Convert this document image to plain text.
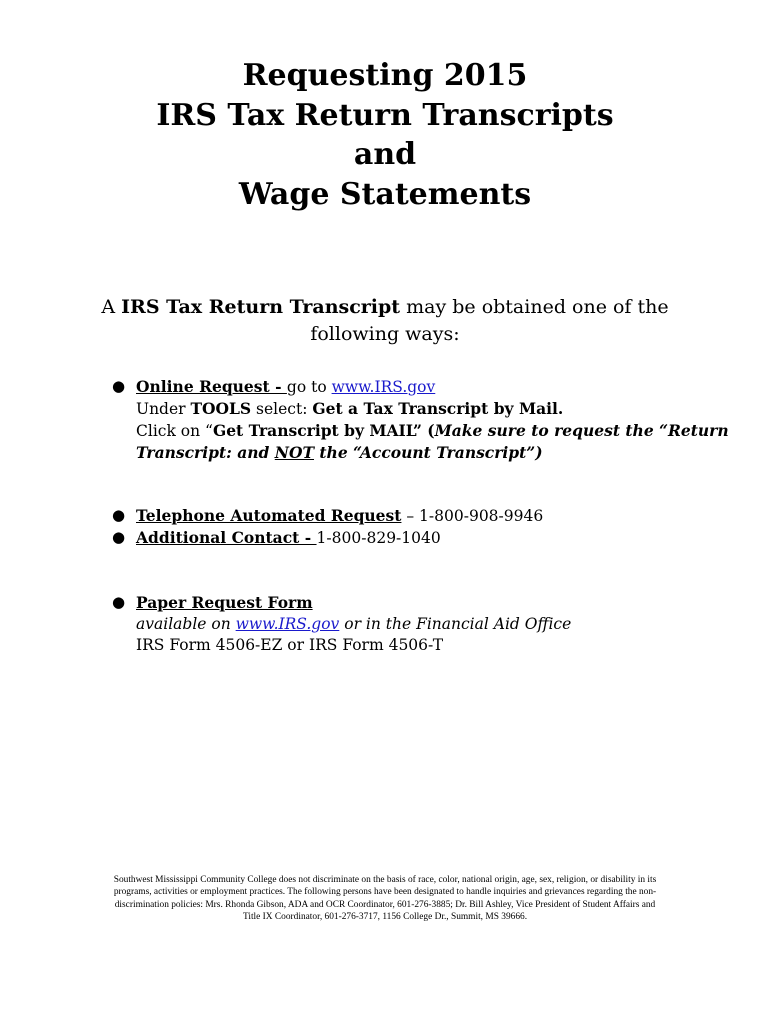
Requesting 2015
IRS Tax Return Transcripts
and
Wage Statements
A IRS Tax Return Transcript may be obtained one of the
following ways:
● Online Request - go to www.IRS.gov
Under TOOLS select: Get a Tax Transcript by Mail.
Click on “Get Transcript by MAIL” (Make sure to request the “Return
Transcript: and NOT the “Account Transcript”)
● Telephone Automated Request – 1-800-908-9946
● Additional Contact - 1-800-829-1040
● Paper Request Form
available on www.IRS.gov or in the Financial Aid Office
IRS Form 4506-EZ or IRS Form 4506-T
Southwest Mississippi Community College does not discriminate on the basis of race, color, national origin, age, sex, religion, or disability in its
programs, activities or employment practices. The following persons have been designated to handle inquiries and grievances regarding the non-
discrimination policies: Mrs. Rhonda Gibson, ADA and OCR Coordinator, 601-276-3885; Dr. Bill Ashley, Vice President of Student Affairs and
Title IX Coordinator, 601-276-3717, 1156 College Dr., Summit, MS 39666.
